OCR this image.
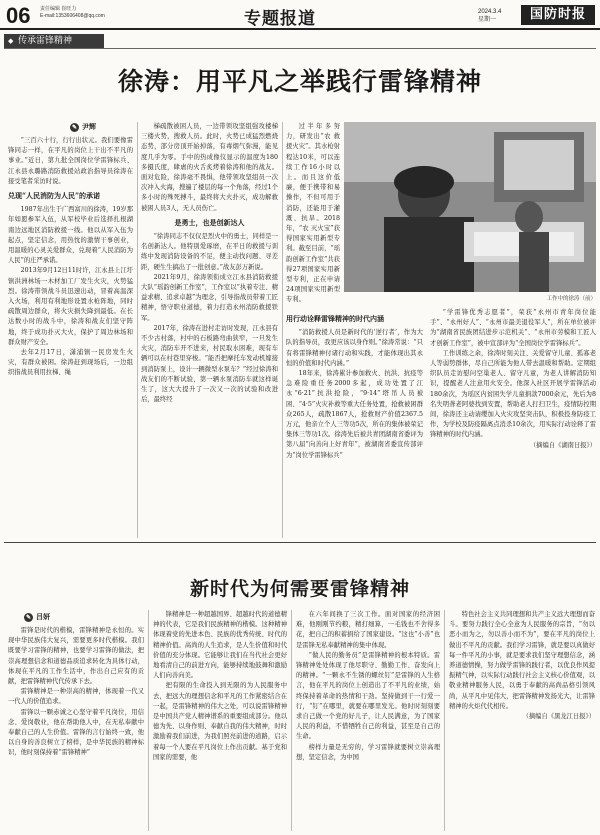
06 责任编辑 崔旺力
E-mail:1353606408@qq.com	专题报道	2024.3.4
星期一	国防时报
◆ 传承雷锋精神
徐涛：用平凡之举践行雷锋精神
✎ 尹辉

“三百六十行，行行出状元。我们要像雷锋同志一样，在平凡的岗位上干出不平凡的事业。”近日，第九批全国岗位学雷锋标兵、江永县永璐路消防救援站政治指导员徐涛在接受笔者采访时说。

兑现“人民消防为人民”的承诺

1987年出生于广西富川的徐涛，19岁那年如愿参军入伍，从军校毕业后选择扎根湖南边远地区消防救援一线。他以从军入伍为起点，坚定信念，用热忱的激情干事创业，用温暖的心灵关爱群众，兑现着“人民消防为人民”的庄严承诺。

2013年9月12日11时许，江永县上江圩镇洪洲林场一木材加工厂发生火灾，火势猛烈。徐涛带领战斗员迅速出动，冒着高温深入火场，利用有利地形设置水枪阵地，同时疏散周边群众，将火灾损失降到最低。在长达数小时的战斗中，徐涛和战友们坚守阵地，终于成功扑灭大火，保护了周边林场和群众财产安全。

去年2月17日，潇浦镇一民房发生火灾，有群众被困。徐涛赶到现场后，一边组织指战员利用拉梯、绳

梯疏散被困人员，一边带领攻坚组强攻楼梯三楼火势，搜救人员。此时，火势已成猛烈燃烧态势，部分房顶开始掉落，有毒烟气弥漫，能见度几乎为零。手中的热成像仪显示的温度为180多摄氏度，肆虐的火舌炙烤着徐涛和他的战友。面对危险，徐涛毫不畏惧，他带领攻坚组员一次次冲入火海，搜遍了楼层的每一个角落，经过1个多小时的殊死搏斗，最终将大火扑灭，成功解救被困人员3人，无人员伤亡。

是勇士，也是创新达人

“徐涛同志不仅仅是烈火中的勇士，同样是一名创新达人。他特别爱琢磨，在平日的救援与训练中发现消防设备的不足，便主动找问题、寻差距，硬生生搞出了一批创意。”战友彭万新说。

2021年9月，徐涛领衔成立江永县消防救援大队“瑶韵创新工作室”，工作室以“执着专注、精益求精、追求卓越”为理念，引导指战员带着工匠精神，悟守职业道德，着力打造永州消防救援铁军。

2017年，徐涛在进村走访时发现，江永县有不少古村落，村中的石板路弯曲狭窄，一旦发生火灾，消防车开不进来，村民取水困难，现有车辆可以在村巷里穿梭。“能否把摩托车发动机嫁接到消防泵上，设计一辆微型水泵车？”经过徐涛和战友们的不断试验，第一辆水泵消防车就这样诞生了，这大大提升了一次又一次的试验和改进后，最终经

过半年多努力，研发出“农 救援火灾”。其水枪射程达10米，可以连续工作16小时以上。而且这价低廉，便于携带和易操作，不但可用于消防，还能用于灌溉、抗旱。2018年，“农 灭火宝”获得国家实用新型专利。截至目前，“瑶韵创新工作室”共获得27项国家实用新型专利，正在申请24项国家实用新型专利。

用行动诠释雷锋精神的时代内涵

“消防救援人员是新时代的‘逆行者’，作为大队的指导员，我更应该以身作则。”徐涛常说：“只有将雷锋精神付诸行动和实践，才能体现出其永恒的价值和时代内涵。”

18年来，徐涛累计参加救火、抗洪、抗疫等急难险重任务2000多起，成功处置了江永“6·21”抗洪抢险，“9·14”塔吊人员被困、“4·5”火灾补救等重大任务处置，抢救被困群众265人，疏散1867人，抢救财产价值2367.5万元，他亲立个人三等功5次，所在的集体被荣记集体三等功1次。徐涛先后被共青团湖南省委评为第八届“向善向上好青年”，被湖南省委宣传部评为“岗位学雷锋标兵”

“学雷锋优秀志愿者”，荣获“永州市青年岗位能手”、“永州好人”、“永州市最美退役军人”，所在单位被评为“湖南省民族团结进步示范机关”、“永州市劳模和工匠人才创新工作室”，被中宣部评为“全国岗位学雷锋标兵”。

工作训练之余，徐涛时刻关注、关爱留守儿童、孤寡老人等弱势群体，尽自己所能为他人带去温暖和帮助。定期组织队员走访慰问空巢老人、留守儿童，为老人讲解消防知识，提醒老人注意用火安全。他深入社区开展学雷锋活动180余次，为瑶区内贫困失学儿童捐款7000余元，先后为8名失明聋老阿婆找到安置，帮助老人打扫卫生，疫情防控期间，徐涛还主动请缨加入火灾攻坚突击队，积极投身防疫工作，为学校及防疫隔离点消杀10余次，用实际行动诠释了雷锋精神的时代内涵。

（摘编自《湖南日报》）

工作中的徐涛（前）
新时代为何需要雷锋精神
✎ 吕妍

雷锋是时代的楷模，雷锋精神是永恒的。实现中华民族伟大复兴，需要更多时代楷模。我们既要学习雷锋的精神，也要学习雷锋的做法，把崇高理想信念和道德品质追求转化为具体行动，体现在平凡的工作生活中，作出自己应有的贡献，把雷锋精神代代传承下去。

雷锋精神是一种崇高的精神，体现着一代又一代人的价值追求。

雷锋以一颗赤诚之心坚守着平凡岗位，用信念、爱岗敬业，他在帮助他人中，在无私奉献中奉献自己的人生价值。雷锋的言行始终一致，他以自身的善良树立了榜样，是中华民族的精神标识，他时刻保持着“雷锋精神”

锋精神是一种超越国界、超越时代的道德精神的代表，它是我们民族精神的楷模。这种精神体现着党的先进本色、民族的优秀传统、时代的精神价值。高尚的人生追求，是人生价值和时代价值的充分体现。它能够让我们在当代社会更好地看清自己的前进方向，能够持续地鼓舞和激励人们向善向美。

把有限的生命投入到无限的为人民服务中去，把远大的理想信念和平凡的工作紧密结合在一起，是雷锋精神的伟大之处，可以说雷锋精神是中国共产党人精神谱系的重要组成部分。他以德为先、以身作则、奉献自我的伟大精神，时时激励着我们前进，为我们照亮前进的道路，启示着每一个人要在平凡岗位上作出贡献。基于党和国家的需要，他

在六年间换了三次工作。面对国家的经济困难，他刚刚节约粮，精打细算，一毛钱也不舍得多花，把自己的积蓄捐给了国家建设。“这也”小善”也是雷锋无私奉献精神的集中体现。

“做人民的勤务员”是雷锋精神的根本特质。雷锋精神处处体现了他尽职守、勤勤工作、奋发向上的精神。“一颗永不生锈的螺丝钉”是雷锋的人生格言，他在平凡的岗位上创造出了不平凡的业绩，始终保持着革命的热情和干劲。坚持做到干一行爱一行，“钉”在哪里，就要在哪里发光。他时时刻刻要求自己做一个党的好儿子，让人民满意，为了国家人民的利益，不惜牺牲自己的利益，甚至是自己的生命。

榜样力量是无穷的，学习雷锋就要树立崇高理想，坚定信念，为中国

特色社会主义共同理想和共产主义远大理想而奋斗。要努力践行全心全意为人民服务的宗旨，“勿以恶小而为之，勿以善小而不为”，要在平凡的岗位上做出不平凡的贡献。我们学习雷锋，就是要以真做好每一件平凡的小事，就是要求我们坚守理想信念，涵养道德情操，努力做学雷锋的践行者，以优良作风提振精气神，以实际行动践行社会主义核心价值观，以敬业精神服务人民，以勇于奉献的高尚品格引领风尚，从平凡中见伟大，把雷锋精神发扬光大，让雷锋精神的火炬代代相传。

（摘编自《黑龙江日报》）
